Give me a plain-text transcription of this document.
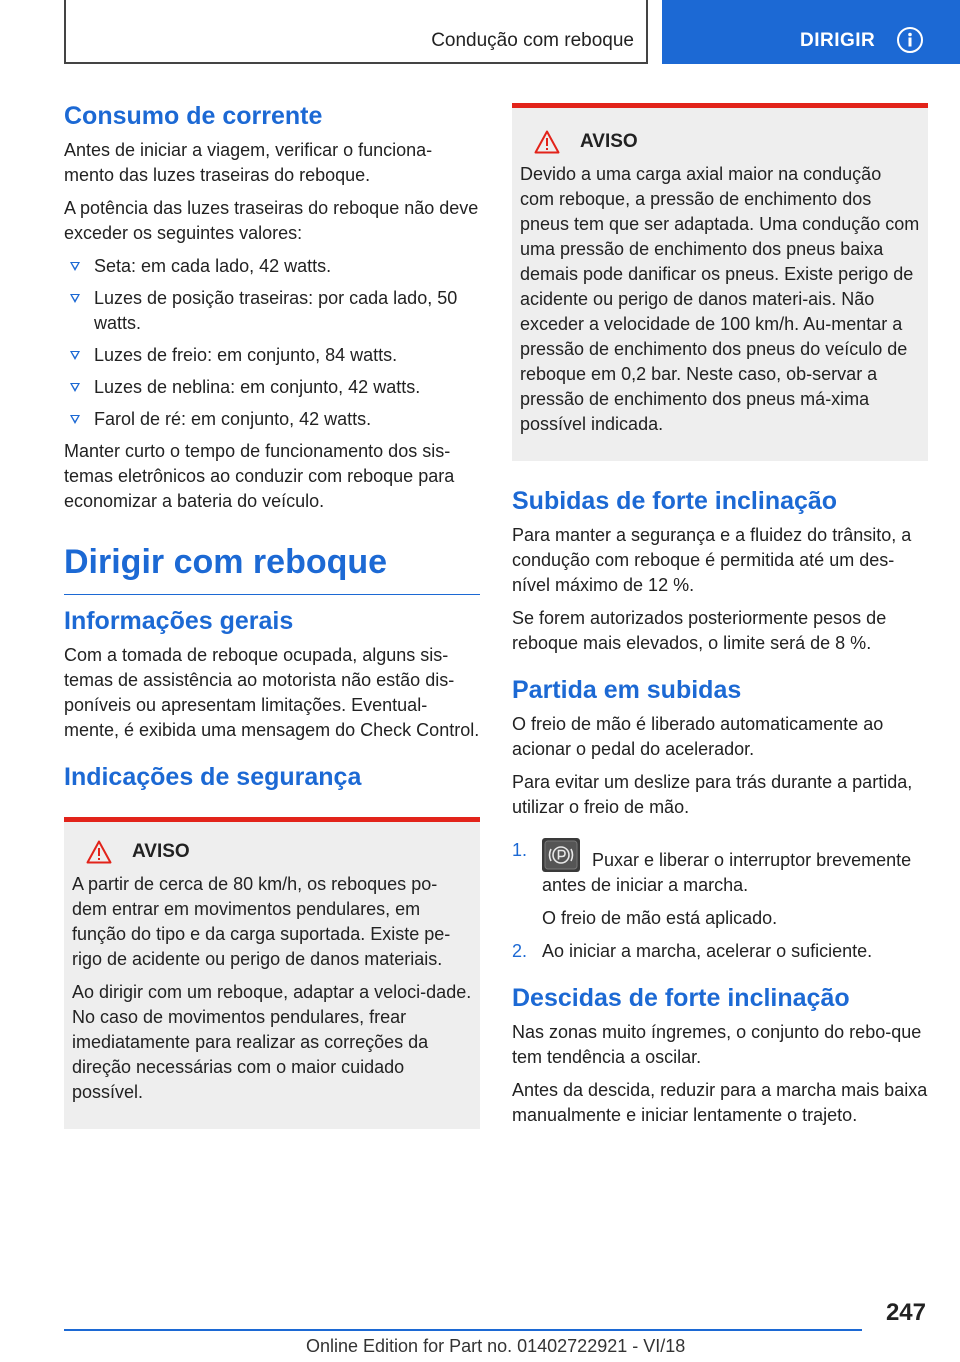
Condução com reboque	DIRIGIR
Consumo de corrente

Antes de iniciar a viagem, verificar o funciona-mento das luzes traseiras do reboque.

A potência das luzes traseiras do reboque não deve exceder os seguintes valores:

Seta: em cada lado, 42 watts.
Luzes de posição traseiras: por cada lado, 50 watts.
Luzes de freio: em conjunto, 84 watts.
Luzes de neblina: em conjunto, 42 watts.
Farol de ré: em conjunto, 42 watts.

Manter curto o tempo de funcionamento dos sis-temas eletrônicos ao conduzir com reboque para economizar a bateria do veículo.

Dirigir com reboque
Informações gerais

Com a tomada de reboque ocupada, alguns sis-temas de assistência ao motorista não estão dis-poníveis ou apresentam limitações. Eventual-mente, é exibida uma mensagem do Check Control.

Indicações de segurança
AVISO

A partir de cerca de 80 km/h, os reboques po-dem entrar em movimentos pendulares, em função do tipo e da carga suportada. Existe pe-rigo de acidente ou perigo de danos materiais.

Ao dirigir com um reboque, adaptar a veloci-dade. No caso de movimentos pendulares, frear imediatamente para realizar as correções da direção necessárias com o maior cuidado possível.

AVISO

Devido a uma carga axial maior na condução com reboque, a pressão de enchimento dos pneus tem que ser adaptada. Uma condução com uma pressão de enchimento dos pneus baixa demais pode danificar os pneus. Existe perigo de acidente ou perigo de danos materi-ais. Não exceder a velocidade de 100 km/h. Au-mentar a pressão de enchimento dos pneus do veículo de reboque em 0,2 bar. Neste caso, ob-servar a pressão de enchimento dos pneus má-xima possível indicada.

Subidas de forte inclinação

Para manter a segurança e a fluidez do trânsito, a condução com reboque é permitida até um des-nível máximo de 12 %.

Se forem autorizados posteriormente pesos de reboque mais elevados, o limite será de 8 %.

Partida em subidas

O freio de mão é liberado automaticamente ao acionar o pedal do acelerador.

Para evitar um deslize para trás durante a partida, utilizar o freio de mão.

1.	Puxar e liberar o interruptor brevemente antes de iniciar a marcha.
O freio de mão está aplicado.
2. Ao iniciar a marcha, acelerar o suficiente.
Descidas de forte inclinação

Nas zonas muito íngremes, o conjunto do rebo-que tem tendência a oscilar.

Antes da descida, reduzir para a marcha mais baixa manualmente e iniciar lentamente o trajeto.

247
Online Edition for Part no. 01402722921 - VI/18
